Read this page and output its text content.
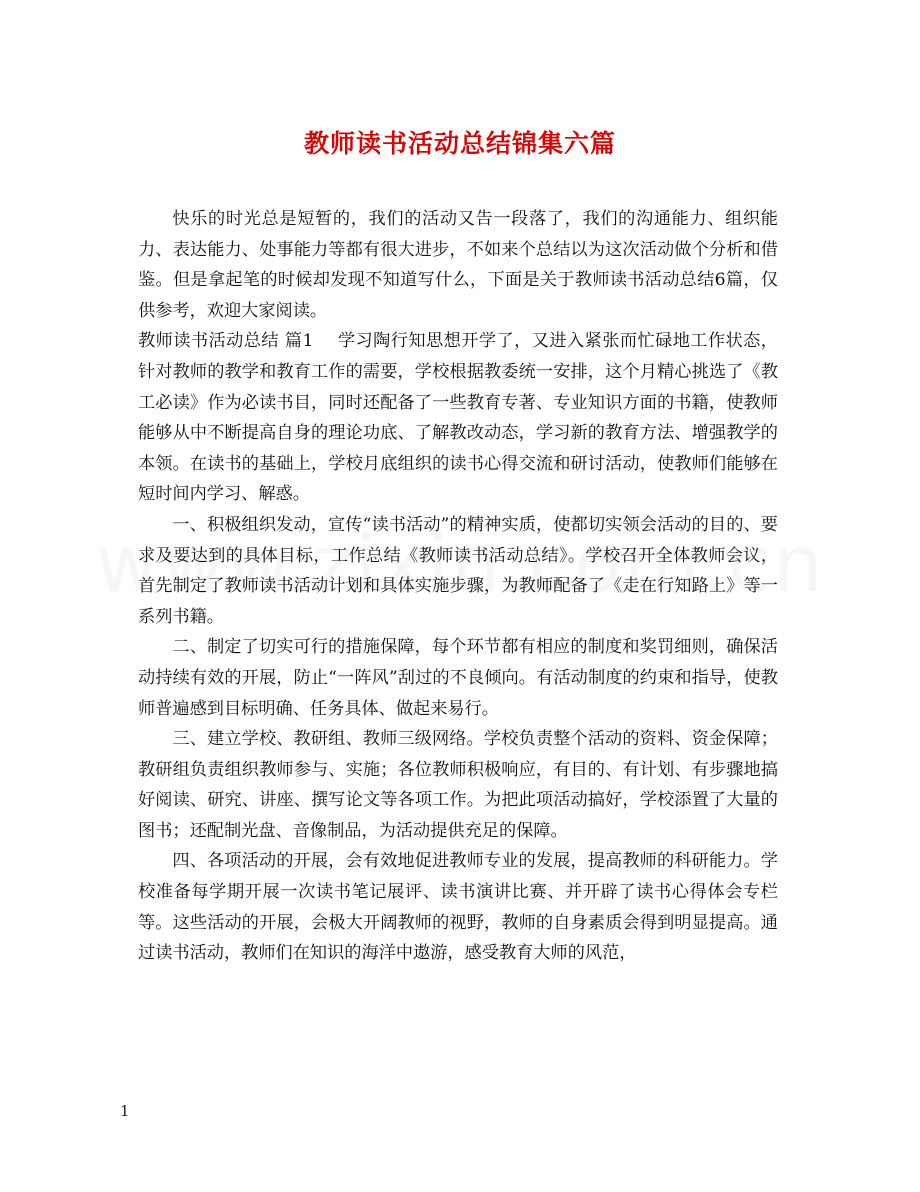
教师读书活动总结锦集六篇

快乐的时光总是短暂的，我们的活动又告一段落了，我们的沟通能力、组织能力、表达能力、处事能力等都有很大进步，不如来个总结以为这次活动做个分析和借鉴。但是拿起笔的时候却发现不知道写什么，下面是关于教师读书活动总结6篇，仅供参考，欢迎大家阅读。

教师读书活动总结 篇1 学习陶行知思想开学了，又进入紧张而忙碌地工作状态，针对教师的教学和教育工作的需要，学校根据教委统一安排，这个月精心挑选了《教工必读》作为必读书目，同时还配备了一些教育专著、专业知识方面的书籍，使教师能够从中不断提高自身的理论功底、了解教改动态，学习新的教育方法、增强教学的本领。在读书的基础上，学校月底组织的读书心得交流和研讨活动，使教师们能够在短时间内学习、解惑。

一、积极组织发动，宣传“读书活动”的精神实质，使都切实领会活动的目的、要求及要达到的具体目标，工作总结《教师读书活动总结》。学校召开全体教师会议，首先制定了教师读书活动计划和具体实施步骤，为教师配备了《走在行知路上》等一系列书籍。

二、制定了切实可行的措施保障，每个环节都有相应的制度和奖罚细则，确保活动持续有效的开展，防止“一阵风”刮过的不良倾向。有活动制度的约束和指导，使教师普遍感到目标明确、任务具体、做起来易行。

三、建立学校、教研组、教师三级网络。学校负责整个活动的资料、资金保障；教研组负责组织教师参与、实施；各位教师积极响应，有目的、有计划、有步骤地搞好阅读、研究、讲座、撰写论文等各项工作。为把此项活动搞好，学校添置了大量的图书；还配制光盘、音像制品，为活动提供充足的保障。

四、各项活动的开展，会有效地促进教师专业的发展，提高教师的科研能力。学校准备每学期开展一次读书笔记展评、读书演讲比赛、并开辟了读书心得体会专栏等。这些活动的开展，会极大开阔教师的视野，教师的自身素质会得到明显提高。通过读书活动，教师们在知识的海洋中遨游，感受教育大师的风范，

1
